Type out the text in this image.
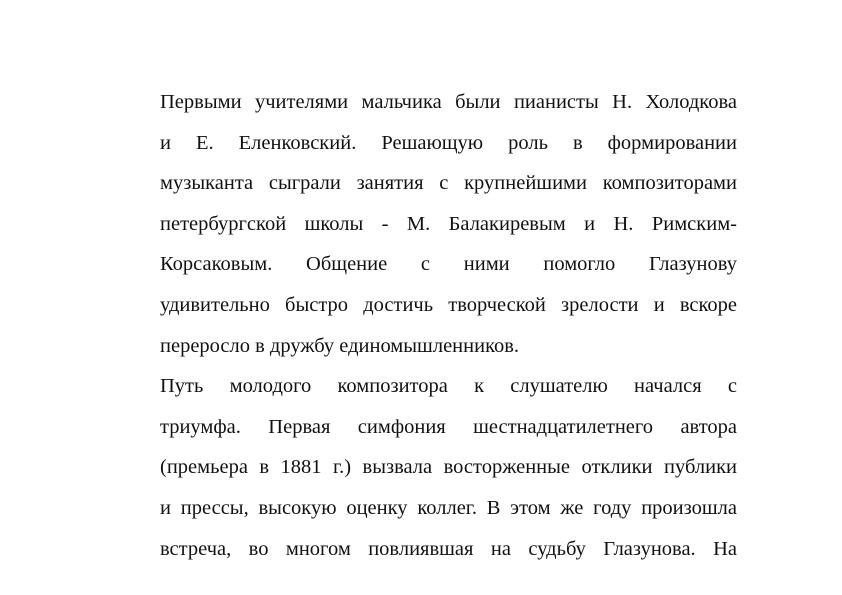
Первыми учителями мальчика были пианисты Н. Холодкова
и Е. Еленковский. Решающую роль в формировании
музыканта сыграли занятия с крупнейшими композиторами
петербургской школы - М. Балакиревым и Н. Римским-
Корсаковым. Общение с ними помогло Глазунову
удивительно быстро достичь творческой зрелости и вскоре
переросло в дружбу единомышленников.
Путь молодого композитора к слушателю начался с
триумфа. Первая симфония шестнадцатилетнего автора
(премьера в 1881 г.) вызвала восторженные отклики публики
и прессы, высокую оценку коллег. В этом же году произошла
встреча, во многом повлиявшая на судьбу Глазунова. На
